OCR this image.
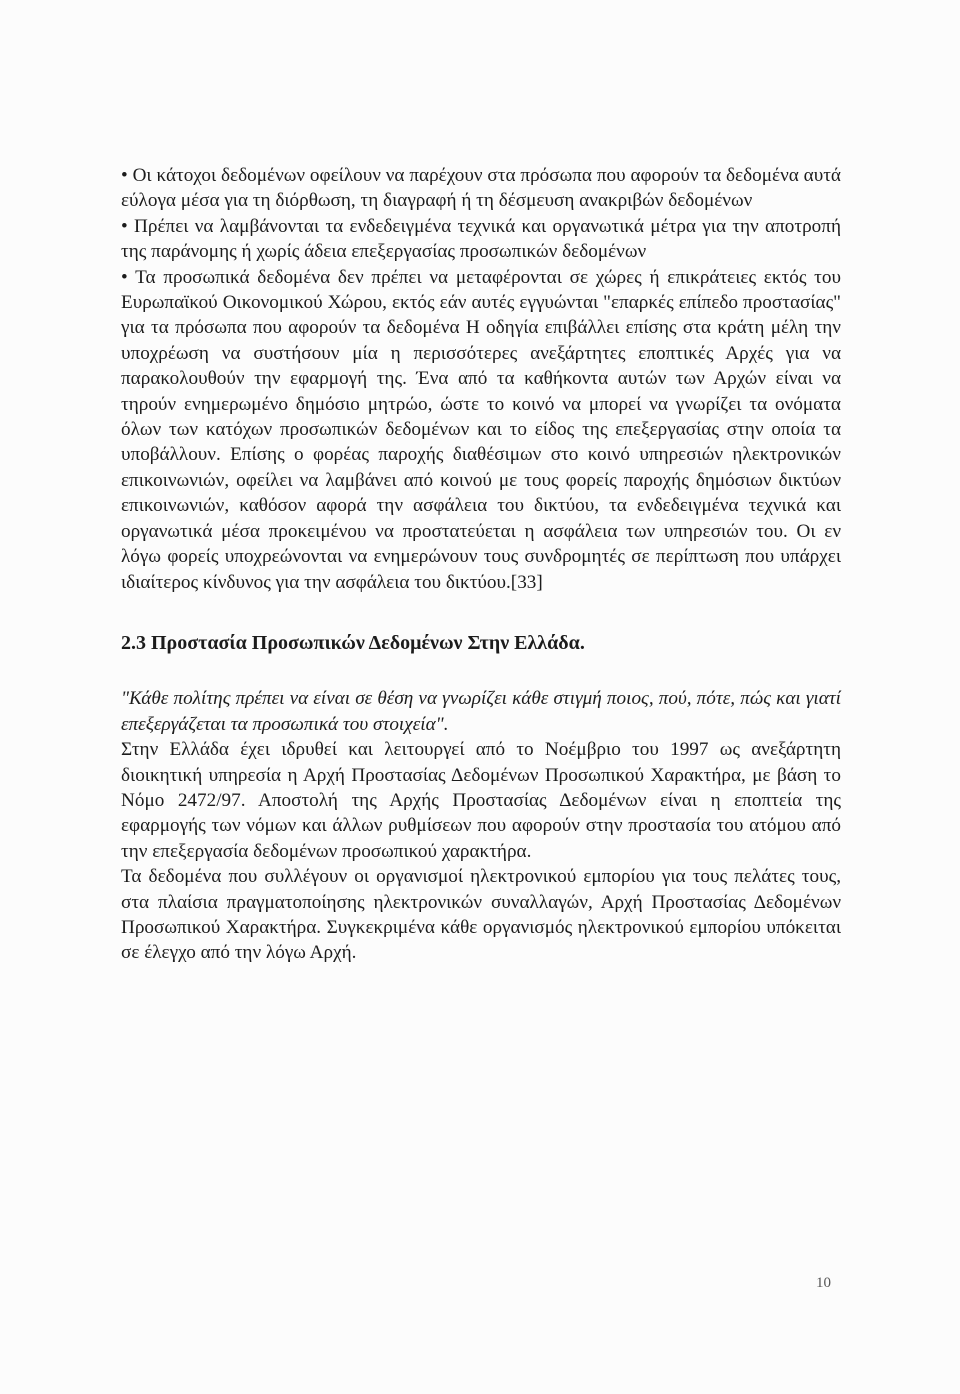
• Οι κάτοχοι δεδομένων οφείλουν να παρέχουν στα πρόσωπα που αφορούν τα δεδομένα αυτά εύλογα μέσα για τη διόρθωση, τη διαγραφή ή τη δέσμευση ανακριβών δεδομένων

• Πρέπει να λαμβάνονται τα ενδεδειγμένα τεχνικά και οργανωτικά μέτρα για την αποτροπή της παράνομης ή χωρίς άδεια επεξεργασίας προσωπικών δεδομένων

• Τα προσωπικά δεδομένα δεν πρέπει να μεταφέρονται σε χώρες ή επικράτειες εκτός του Ευρωπαϊκού Οικονομικού Χώρου, εκτός εάν αυτές εγγυώνται "επαρκές επίπεδο προστασίας" για τα πρόσωπα που αφορούν τα δεδομένα Η οδηγία επιβάλλει επίσης στα κράτη μέλη την υποχρέωση να συστήσουν μία η περισσότερες ανεξάρτητες εποπτικές Αρχές για να παρακολουθούν την εφαρμογή της. Ένα από τα καθήκοντα αυτών των Αρχών είναι να τηρούν ενημερωμένο δημόσιο μητρώο, ώστε το κοινό να μπορεί να γνωρίζει τα ονόματα όλων των κατόχων προσωπικών δεδομένων και το είδος της επεξεργασίας στην οποία τα υποβάλλουν. Επίσης ο φορέας παροχής διαθέσιμων στο κοινό υπηρεσιών ηλεκτρονικών επικοινωνιών, οφείλει να λαμβάνει από κοινού με τους φορείς παροχής δημόσιων δικτύων επικοινωνιών, καθόσον αφορά την ασφάλεια του δικτύου, τα ενδεδειγμένα τεχνικά και οργανωτικά μέσα προκειμένου να προστατεύεται η ασφάλεια των υπηρεσιών του. Οι εν λόγω φορείς υποχρεώνονται να ενημερώνουν τους συνδρομητές σε περίπτωση που υπάρχει ιδιαίτερος κίνδυνος για την ασφάλεια του δικτύου.[33]

2.3 Προστασία Προσωπικών Δεδομένων Στην Ελλάδα.

"Κάθε πολίτης πρέπει να είναι σε θέση να γνωρίζει κάθε στιγμή ποιος, πού, πότε, πώς και γιατί επεξεργάζεται τα προσωπικά του στοιχεία".

Στην Ελλάδα έχει ιδρυθεί και λειτουργεί από το Νοέμβριο του 1997 ως ανεξάρτητη διοικητική υπηρεσία η Αρχή Προστασίας Δεδομένων Προσωπικού Χαρακτήρα, με βάση το Νόμο 2472/97. Αποστολή της Αρχής Προστασίας Δεδομένων είναι η εποπτεία της εφαρμογής των νόμων και άλλων ρυθμίσεων που αφορούν στην προστασία του ατόμου από την επεξεργασία δεδομένων προσωπικού χαρακτήρα.

Τα δεδομένα που συλλέγουν οι οργανισμοί ηλεκτρονικού εμπορίου για τους πελάτες τους, στα πλαίσια πραγματοποίησης ηλεκτρονικών συναλλαγών, Αρχή Προστασίας Δεδομένων Προσωπικού Χαρακτήρα. Συγκεκριμένα κάθε οργανισμός ηλεκτρονικού εμπορίου υπόκειται σε έλεγχο από την λόγω Αρχή.

10
